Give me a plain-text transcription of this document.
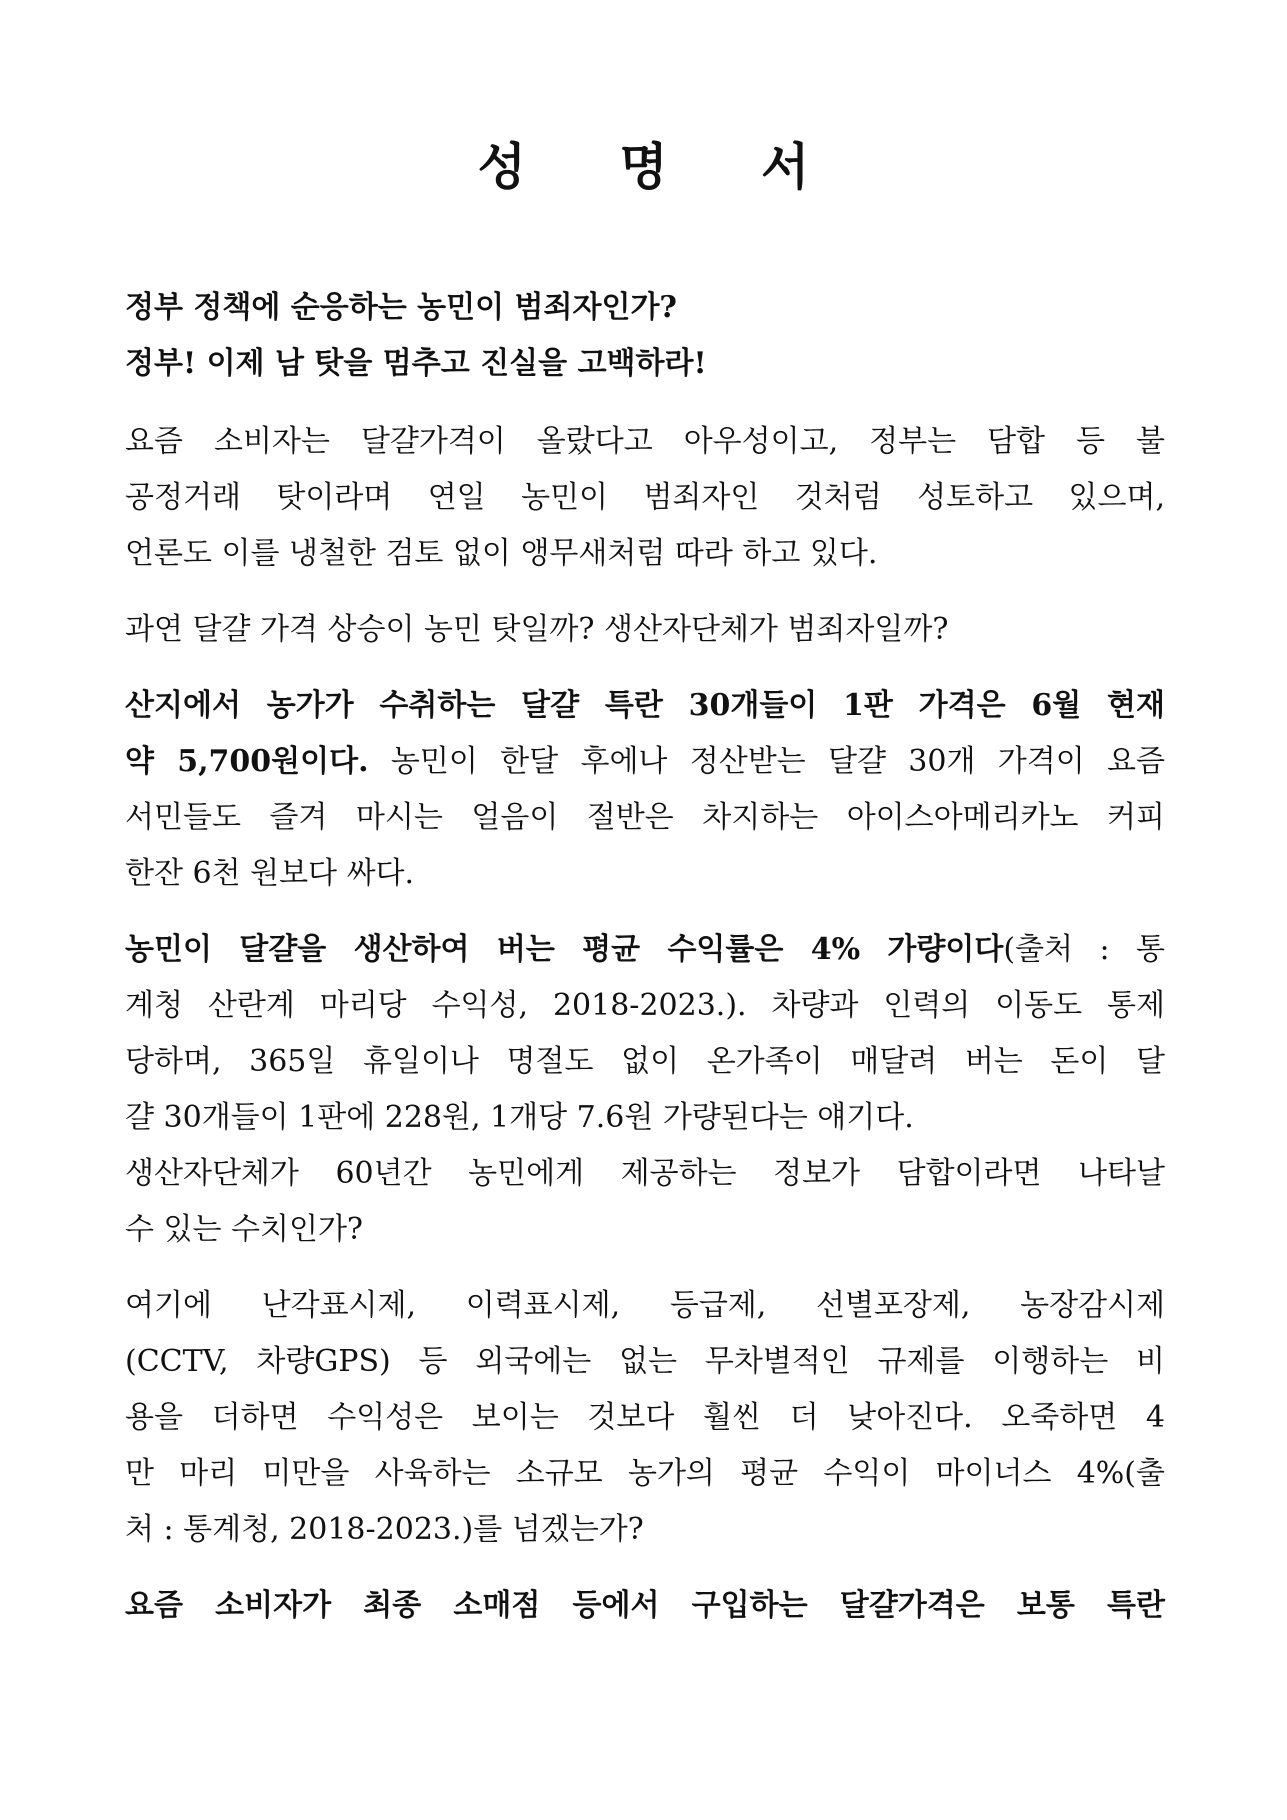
성 명 서
정부 정책에 순응하는 농민이 범죄자인가?
정부! 이제 남 탓을 멈추고 진실을 고백하라!
요즘 소비자는 달걀가격이 올랐다고 아우성이고, 정부는 담합 등 불
공정거래 탓이라며 연일 농민이 범죄자인 것처럼 성토하고 있으며,
언론도 이를 냉철한 검토 없이 앵무새처럼 따라 하고 있다.
과연 달걀 가격 상승이 농민 탓일까? 생산자단체가 범죄자일까?
산지에서 농가가 수취하는 달걀 특란 30개들이 1판 가격은 6월 현재
약 5,700원이다. 농민이 한달 후에나 정산받는 달걀 30개 가격이 요즘
서민들도 즐겨 마시는 얼음이 절반은 차지하는 아이스아메리카노 커피
한잔 6천 원보다 싸다.
농민이 달걀을 생산하여 버는 평균 수익률은 4% 가량이다(출처 : 통
계청 산란계 마리당 수익성, 2018-2023.). 차량과 인력의 이동도 통제
당하며, 365일 휴일이나 명절도 없이 온가족이 매달려 버는 돈이 달
걀 30개들이 1판에 228원, 1개당 7.6원 가량된다는 얘기다.
생산자단체가 60년간 농민에게 제공하는 정보가 담합이라면 나타날
수 있는 수치인가?
여기에 난각표시제, 이력표시제, 등급제, 선별포장제, 농장감시제
(CCTV, 차량GPS) 등 외국에는 없는 무차별적인 규제를 이행하는 비
용을 더하면 수익성은 보이는 것보다 훨씬 더 낮아진다. 오죽하면 4
만 마리 미만을 사육하는 소규모 농가의 평균 수익이 마이너스 4%(출
처 : 통계청, 2018-2023.)를 넘겠는가?
요즘 소비자가 최종 소매점 등에서 구입하는 달걀가격은 보통 특란
